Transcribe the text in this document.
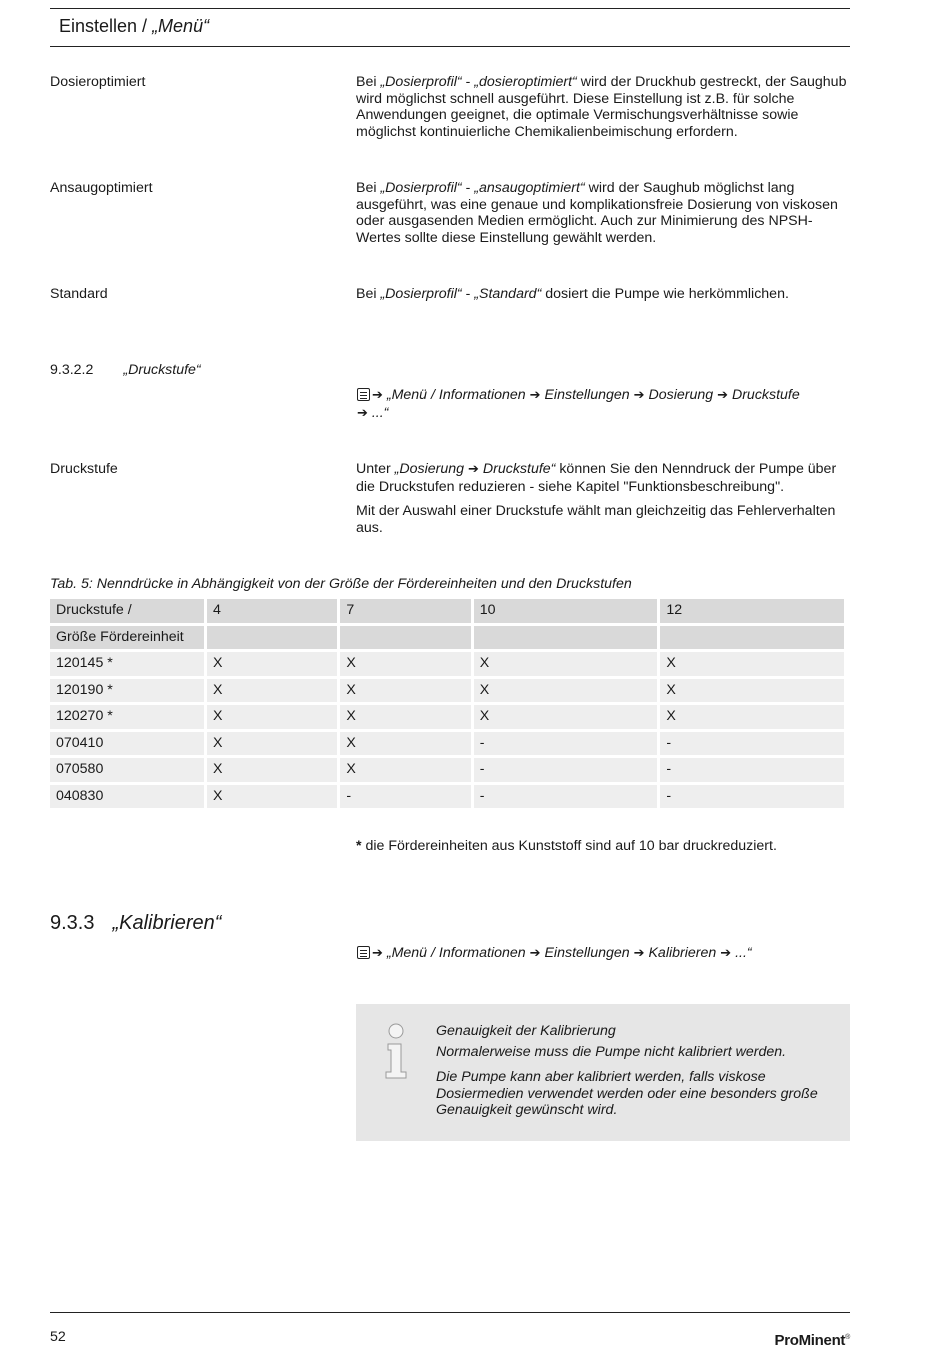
Einstellen / „Menü“
Dosieroptimiert	Bei „Dosierprofil“ - „dosieroptimiert“ wird der Druckhub gestreckt, der Saughub wird möglichst schnell ausgeführt. Diese Einstellung ist z.B. für solche Anwendungen geeignet, die optimale Vermischungsverhältnisse sowie möglichst kontinuierliche Chemikalienbeimischung erfordern.
Ansaugoptimiert	Bei „Dosierprofil“ - „ansaugoptimiert“ wird der Saughub möglichst lang ausgeführt, was eine genaue und komplikationsfreie Dosierung von viskosen oder ausgasenden Medien ermöglicht. Auch zur Minimierung des NPSH-Wertes sollte diese Einstellung gewählt werden.
Standard	Bei „Dosierprofil“ - „Standard“ dosiert die Pumpe wie herkömmlichen.
9.3.2.2 „Druckstufe“
➔ „Menü / Informationen ➔ Einstellungen ➔ Dosierung ➔ Druckstufe
➔ ...“
Druckstufe	Unter „Dosierung ➔ Druckstufe“ können Sie den Nenndruck der Pumpe über die Druckstufen reduzieren - siehe Kapitel "Funktionsbeschreibung".

Mit der Auswahl einer Druckstufe wählt man gleichzeitig das Fehlerverhalten aus.

Tab. 5: Nenndrücke in Abhängigkeit von der Größe der Fördereinheiten und den Druckstufen
Druckstufe /	4	7	10	12
Größe Fördereinheit				
120145 *	X	X	X	X
120190 *	X	X	X	X
120270 *	X	X	X	X
070410	X	X	-	-
070580	X	X	-	-
040830	X	-	-	-
* die Fördereinheiten aus Kunststoff sind auf 10 bar druckreduziert.
9.3.3 „Kalibrieren“
➔ „Menü / Informationen ➔ Einstellungen ➔ Kalibrieren ➔ ...“

Genauigkeit der Kalibrierung

Normalerweise muss die Pumpe nicht kalibriert werden.

Die Pumpe kann aber kalibriert werden, falls viskose Dosiermedien verwendet werden oder eine besonders große Genauigkeit gewünscht wird.

52	ProMinent®
